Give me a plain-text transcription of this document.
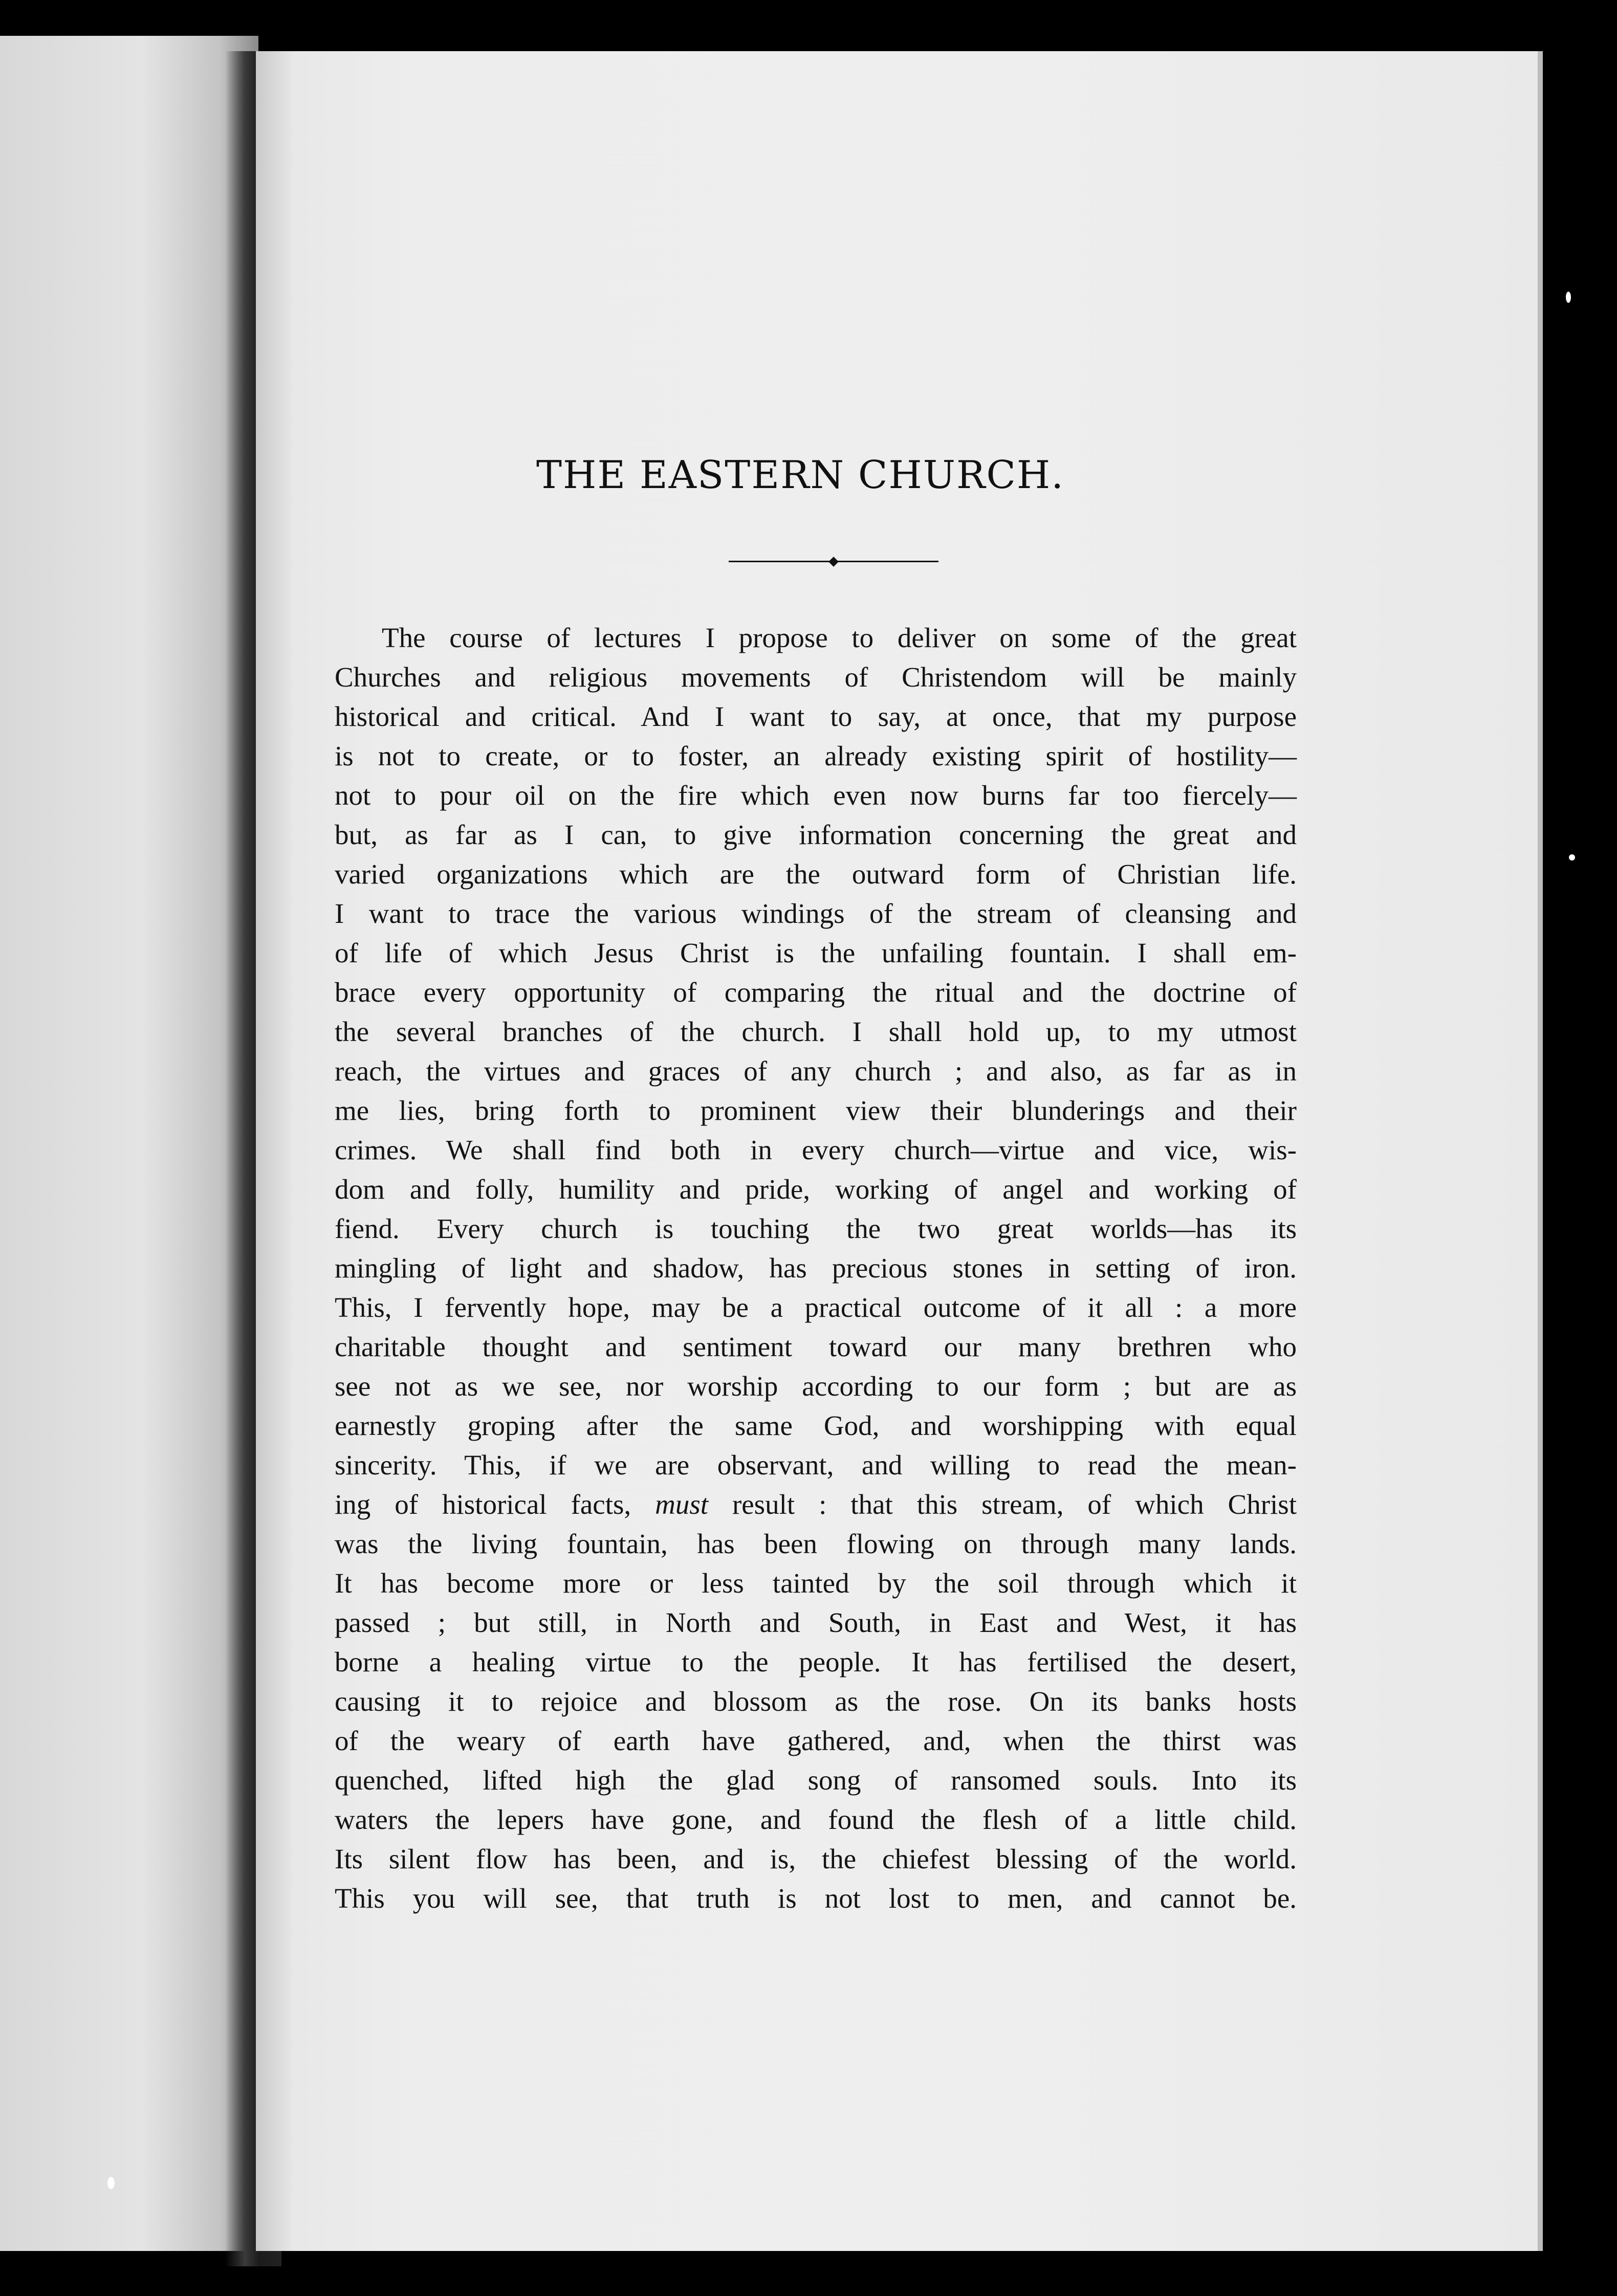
THE EASTERN CHURCH.
The course of lectures I propose to deliver on some of the great
Churches and religious movements of Christendom will be mainly
historical and critical. And I want to say, at once, that my purpose
is not to create, or to foster, an already existing spirit of hostility—
not to pour oil on the fire which even now burns far too fiercely—
but, as far as I can, to give information concerning the great and
varied organizations which are the outward form of Christian life.
I want to trace the various windings of the stream of cleansing and
of life of which Jesus Christ is the unfailing fountain. I shall em-
brace every opportunity of comparing the ritual and the doctrine of
the several branches of the church. I shall hold up, to my utmost
reach, the virtues and graces of any church ; and also, as far as in
me lies, bring forth to prominent view their blunderings and their
crimes. We shall find both in every church—virtue and vice, wis-
dom and folly, humility and pride, working of angel and working of
fiend. Every church is touching the two great worlds—has its
mingling of light and shadow, has precious stones in setting of iron.
This, I fervently hope, may be a practical outcome of it all : a more
charitable thought and sentiment toward our many brethren who
see not as we see, nor worship according to our form ; but are as
earnestly groping after the same God, and worshipping with equal
sincerity. This, if we are observant, and willing to read the mean-
ing of historical facts, must result : that this stream, of which Christ
was the living fountain, has been flowing on through many lands.
It has become more or less tainted by the soil through which it
passed ; but still, in North and South, in East and West, it has
borne a healing virtue to the people. It has fertilised the desert,
causing it to rejoice and blossom as the rose. On its banks hosts
of the weary of earth have gathered, and, when the thirst was
quenched, lifted high the glad song of ransomed souls. Into its
waters the lepers have gone, and found the flesh of a little child.
Its silent flow has been, and is, the chiefest blessing of the world.
This you will see, that truth is not lost to men, and cannot be.
